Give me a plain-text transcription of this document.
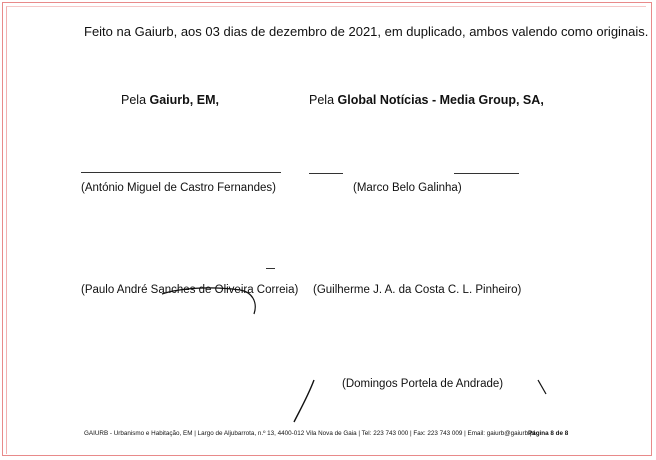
Feito na Gaiurb, aos 03 dias de dezembro de 2021, em duplicado, ambos valendo como originais.
Pela Gaiurb, EM,	Pela Global Notícias - Media Group, SA,
(António Miguel de Castro Fernandes)	(Marco Belo Galinha)
(Paulo André Sanches de Oliveira Correia) (Guilherme J. A. da Costa C. L. Pinheiro)
(Domingos Portela de Andrade)
GAIURB - Urbanismo e Habitação, EM | Largo de Aljubarrota, n.º 13, 4400-012 Vila Nova de Gaia | Tel: 223 743 000 | Fax: 223 743 009 | Email: gaiurb@gaiurb.pt
Página 8 de 8
